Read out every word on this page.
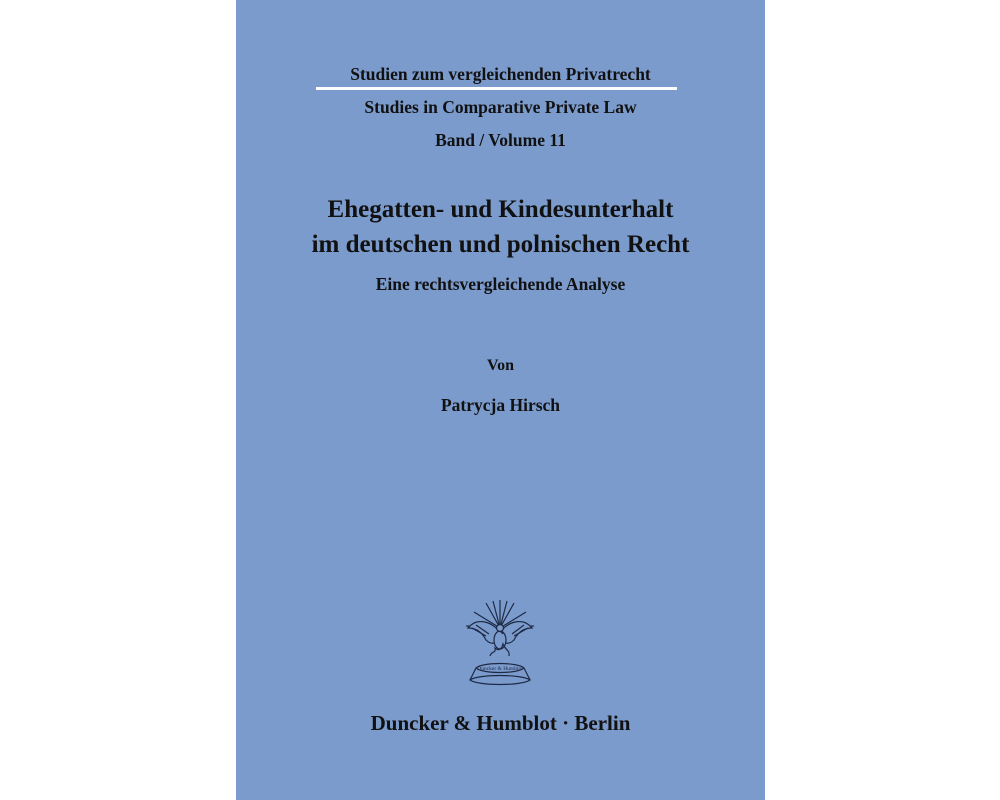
Studien zum vergleichenden Privatrecht
Studies in Comparative Private Law
Band / Volume 11
Ehegatten- und Kindesunterhalt
im deutschen und polnischen Recht
Eine rechtsvergleichende Analyse
Von
Patrycja Hirsch
Duncker & Humblot
Duncker & Humblot · Berlin
